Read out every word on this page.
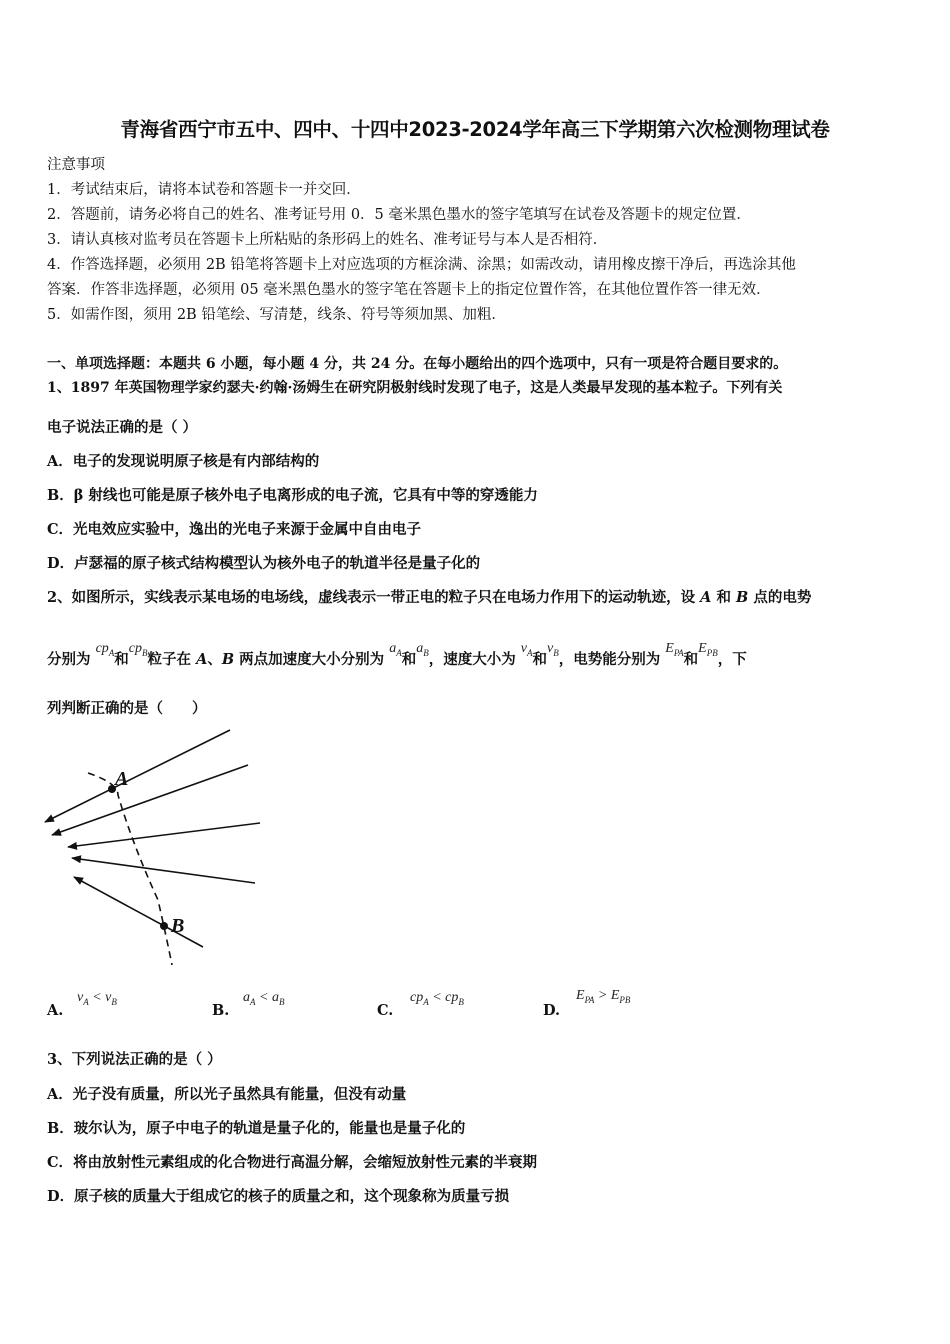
青海省西宁市五中、四中、十四中2023-2024学年高三下学期第六次检测物理试卷
注意事项
1．考试结束后，请将本试卷和答题卡一并交回．
2．答题前，请务必将自己的姓名、准考证号用 0．5 毫米黑色墨水的签字笔填写在试卷及答题卡的规定位置．
3．请认真核对监考员在答题卡上所粘贴的条形码上的姓名、准考证号与本人是否相符．
4．作答选择题，必须用 2B 铅笔将答题卡上对应选项的方框涂满、涂黑；如需改动，请用橡皮擦干净后，再选涂其他
答案．作答非选择题，必须用 05 毫米黑色墨水的签字笔在答题卡上的指定位置作答，在其他位置作答一律无效．
5．如需作图，须用 2B 铅笔绘、写清楚，线条、符号等须加黑、加粗．
一、单项选择题：本题共 6 小题，每小题 4 分，共 24 分。在每小题给出的四个选项中，只有一项是符合题目要求的。
1、1897 年英国物理学家约瑟夫·约翰·汤姆生在研究阴极射线时发现了电子，这是人类最早发现的基本粒子。下列有关
电子说法正确的是（ ）
A．电子的发现说明原子核是有内部结构的
B．β 射线也可能是原子核外电子电离形成的电子流，它具有中等的穿透能力
C．光电效应实验中，逸出的光电子来源于金属中自由电子
D．卢瑟福的原子核式结构模型认为核外电子的轨道半径是量子化的
2、如图所示，实线表示某电场的电场线，虚线表示一带正电的粒子只在电场力作用下的运动轨迹，设 A 和 B 点的电势
分别为 $cp_A$和$cp_B$粒子在 A、B 两点加速度大小分别为 $a_A$和$a_B$，速度大小为 $v_A$和$v_B$，电势能分别为 $E_{PA}$和$E_{PB}$，下
列判断正确的是（　　）
A
B
A.
$v_A < v_B$
B.
$a_A < a_B$
C.
$cp_A < cp_B$
D.
$E_{PA} > E_{PB}$
3、下列说法正确的是（ ）
A．光子没有质量，所以光子虽然具有能量，但没有动量
B．玻尔认为，原子中电子的轨道是量子化的，能量也是量子化的
C．将由放射性元素组成的化合物进行高温分解，会缩短放射性元素的半衰期
D．原子核的质量大于组成它的核子的质量之和，这个现象称为质量亏损
